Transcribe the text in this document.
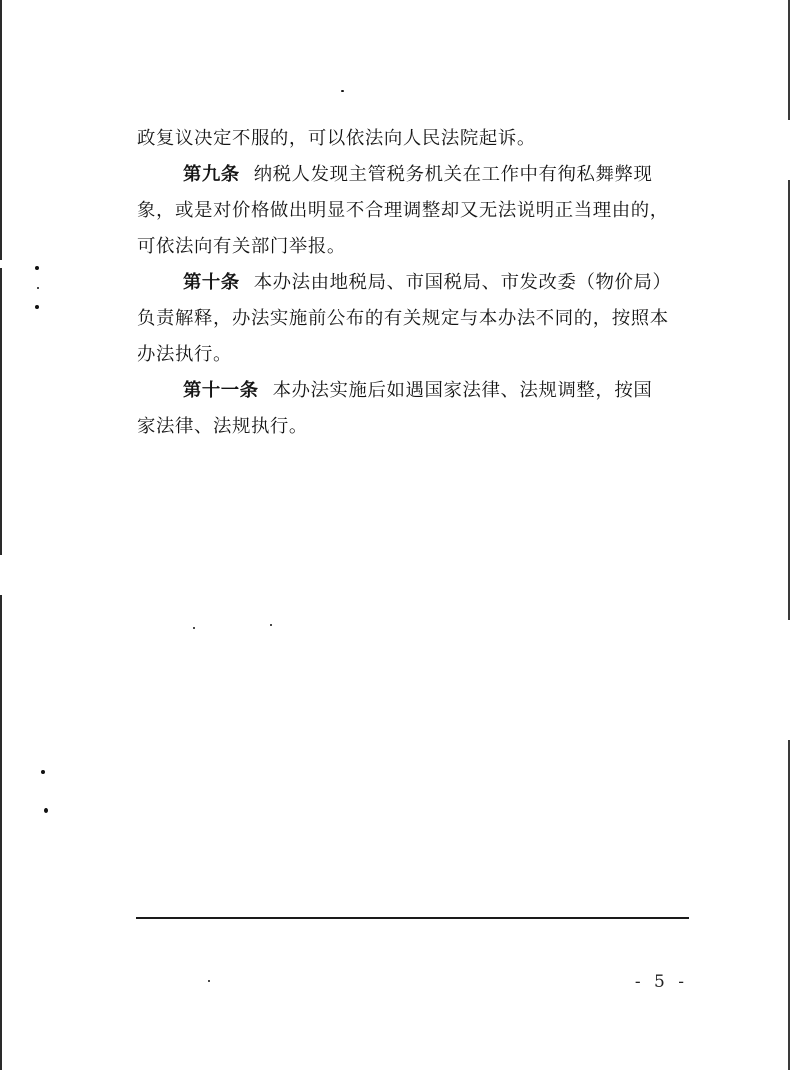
政复议决定不服的，可以依法向人民法院起诉。
第九条 纳税人发现主管税务机关在工作中有徇私舞弊现
象，或是对价格做出明显不合理调整却又无法说明正当理由的，
可依法向有关部门举报。
第十条 本办法由地税局、市国税局、市发改委（物价局）
负责解释，办法实施前公布的有关规定与本办法不同的，按照本
办法执行。
第十一条 本办法实施后如遇国家法律、法规调整，按国
家法律、法规执行。
- 5 -
